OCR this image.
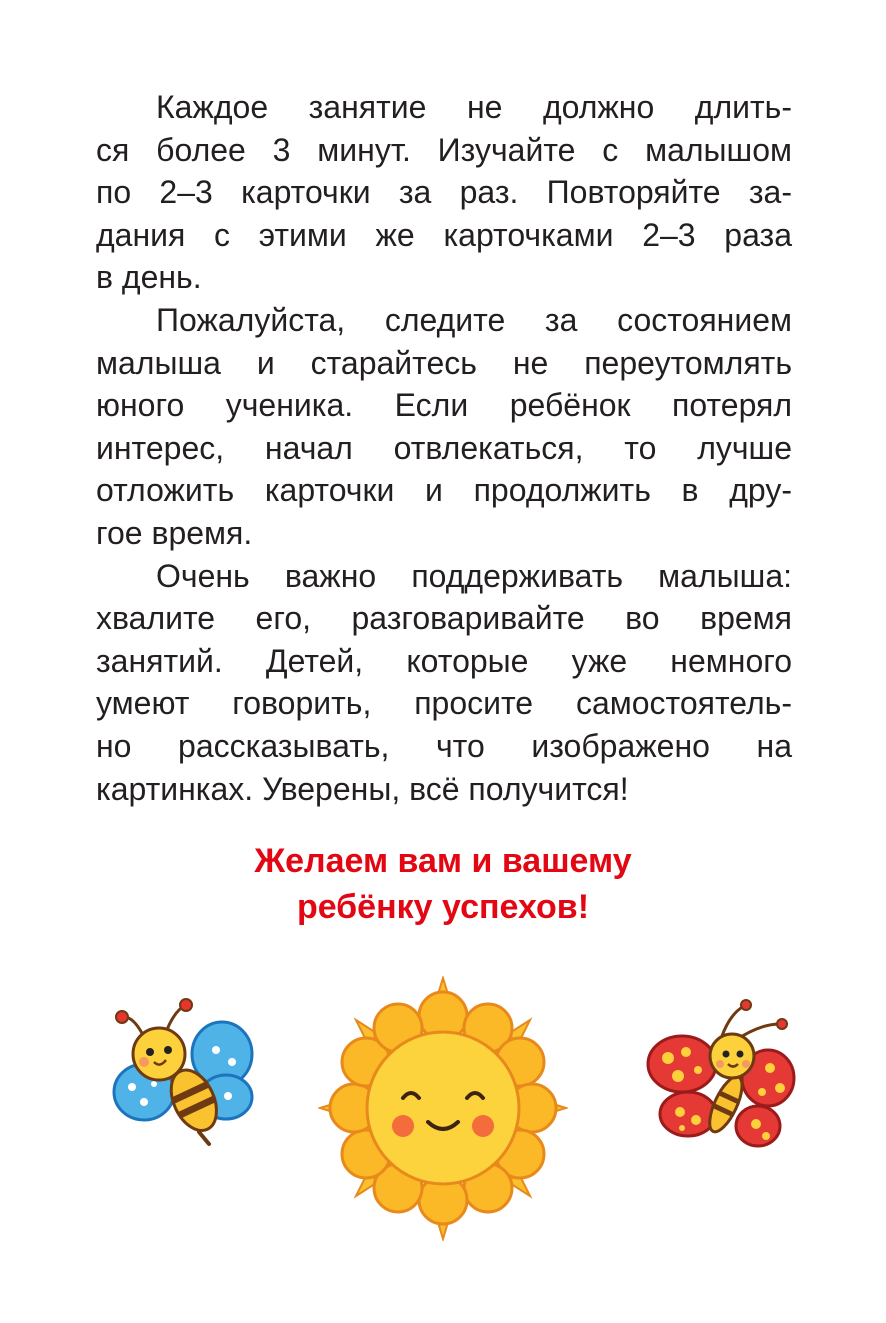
Каждое занятие не должно длить-
ся более 3 минут. Изучайте с малышом
по 2–3 карточки за раз. Повторяйте за-
дания с этими же карточками 2–3 раза
в день.
Пожалуйста, следите за состоянием
малыша и старайтесь не переутомлять
юного ученика. Если ребёнок потерял
интерес, начал отвлекаться, то лучше
отложить карточки и продолжить в дру-
гое время.
Очень важно поддерживать малыша:
хвалите его, разговаривайте во время
занятий. Детей, которые уже немного
умеют говорить, просите самостоятель-
но рассказывать, что изображено на
картинках. Уверены, всё получится!
Желаем вам и вашему
ребёнку успехов!
